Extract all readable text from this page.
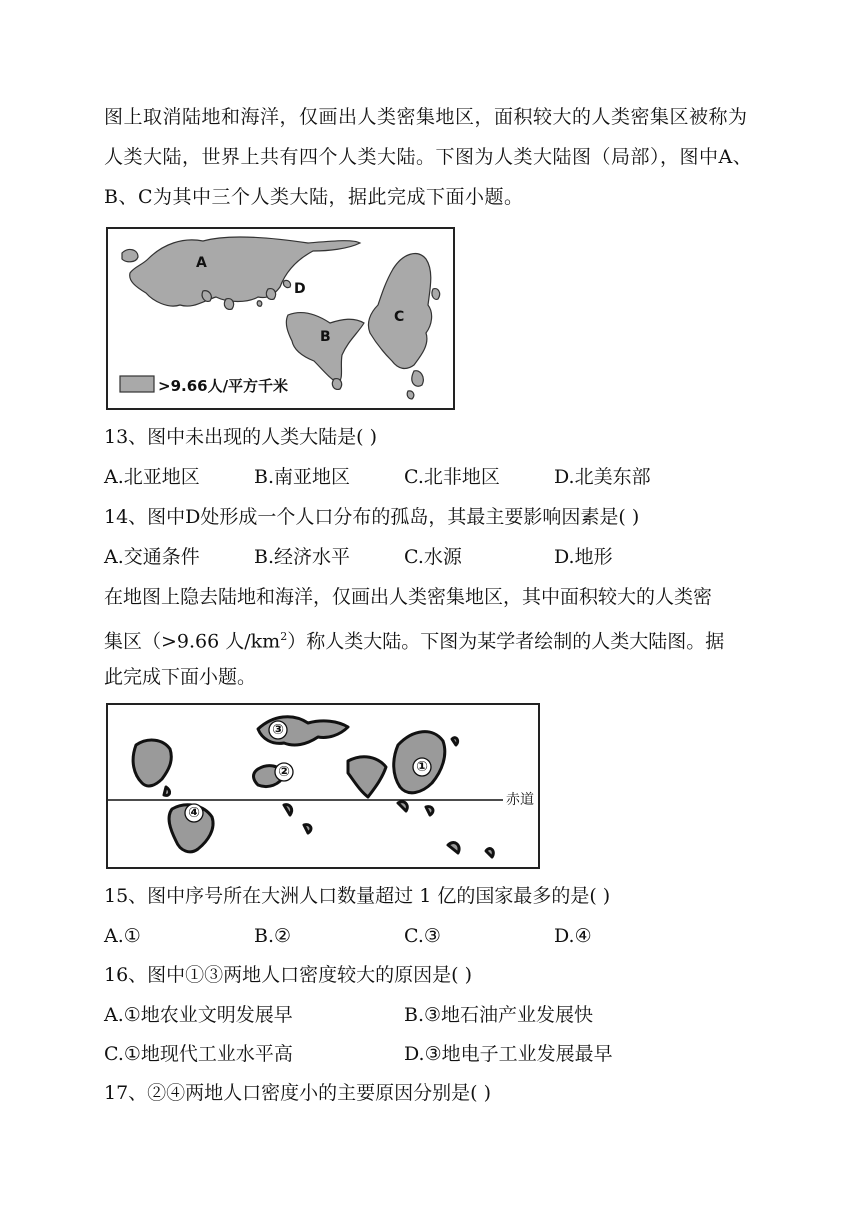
图上取消陆地和海洋，仅画出人类密集地区，面积较大的人类密集区被称为人类大陆，世界上共有四个人类大陆。下图为人类大陆图（局部），图中A、B、C为其中三个人类大陆，据此完成下面小题。
A
D
B
C
>9.66人/平方千米
13、图中未出现的人类大陆是( )
A.北亚地区	B.南亚地区	C.北非地区	D.北美东部
14、图中D处形成一个人口分布的孤岛，其最主要影响因素是( )
A.交通条件	B.经济水平	C.水源	D.地形
在地图上隐去陆地和海洋，仅画出人类密集地区，其中面积较大的人类密
集区（>9.66 人$/km^2$）称人类大陆。下图为某学者绘制的人类大陆图。据
此完成下面小题。
①
②
③
④
赤道
15、图中序号所在大洲人口数量超过 1 亿的国家最多的是( )
A.①	B.②	C.③	D.④
16、图中①③两地人口密度较大的原因是( )
A.①地农业文明发展早	B.③地石油产业发展快
C.①地现代工业水平高	D.③地电子工业发展最早
17、②④两地人口密度小的主要原因分别是( )
